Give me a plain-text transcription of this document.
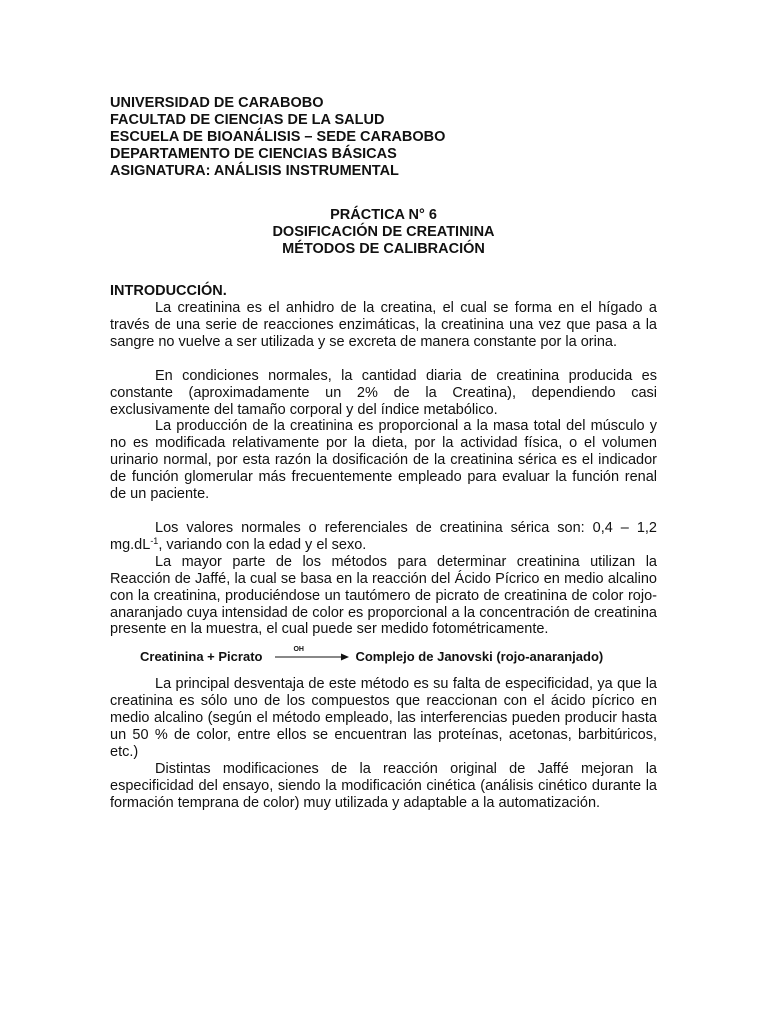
UNIVERSIDAD DE CARABOBO

FACULTAD DE CIENCIAS DE LA SALUD

ESCUELA DE BIOANÁLISIS – SEDE CARABOBO

DEPARTAMENTO DE CIENCIAS BÁSICAS

ASIGNATURA: ANÁLISIS INSTRUMENTAL

PRÁCTICA N° 6

DOSIFICACIÓN DE CREATININA

MÉTODOS DE CALIBRACIÓN

INTRODUCCIÓN.

La creatinina es el anhidro de la creatina, el cual se forma en el hígado a través de una serie de reacciones enzimáticas, la creatinina una vez que pasa a la sangre no vuelve a ser utilizada y se excreta de manera constante por la orina.

En condiciones normales, la cantidad diaria de creatinina producida es constante (aproximadamente un 2% de la Creatina), dependiendo casi exclusivamente del tamaño corporal y del índice metabólico.

La producción de la creatinina es proporcional a la masa total del músculo y no es modificada relativamente por la dieta, por la actividad física, o el volumen urinario normal, por esta razón la dosificación de la creatinina sérica es el indicador de función glomerular más frecuentemente empleado para evaluar la función renal de un paciente.

Los valores normales o referenciales de creatinina sérica son: 0,4 – 1,2 $mg.dL^{-1}$, variando con la edad y el sexo.

La mayor parte de los métodos para determinar creatinina utilizan la Reacción de Jaffé, la cual se basa en la reacción del Ácido Pícrico en medio alcalino con la creatinina, produciéndose un tautómero de picrato de creatinina de color rojo-anaranjado cuya intensidad de color es proporcional a la concentración de creatinina presente en la muestra, el cual puede ser medido fotométricamente.

Creatinina + Picrato	OH	Complejo de Janovski (rojo-anaranjado)

La principal desventaja de este método es su falta de especificidad, ya que la creatinina es sólo uno de los compuestos que reaccionan con el ácido pícrico en medio alcalino (según el método empleado, las interferencias pueden producir hasta un 50 % de color, entre ellos se encuentran las proteínas, acetonas, barbitúricos, etc.)

Distintas modificaciones de la reacción original de Jaffé mejoran la especificidad del ensayo, siendo la modificación cinética (análisis cinético durante la formación temprana de color) muy utilizada y adaptable a la automatización.
